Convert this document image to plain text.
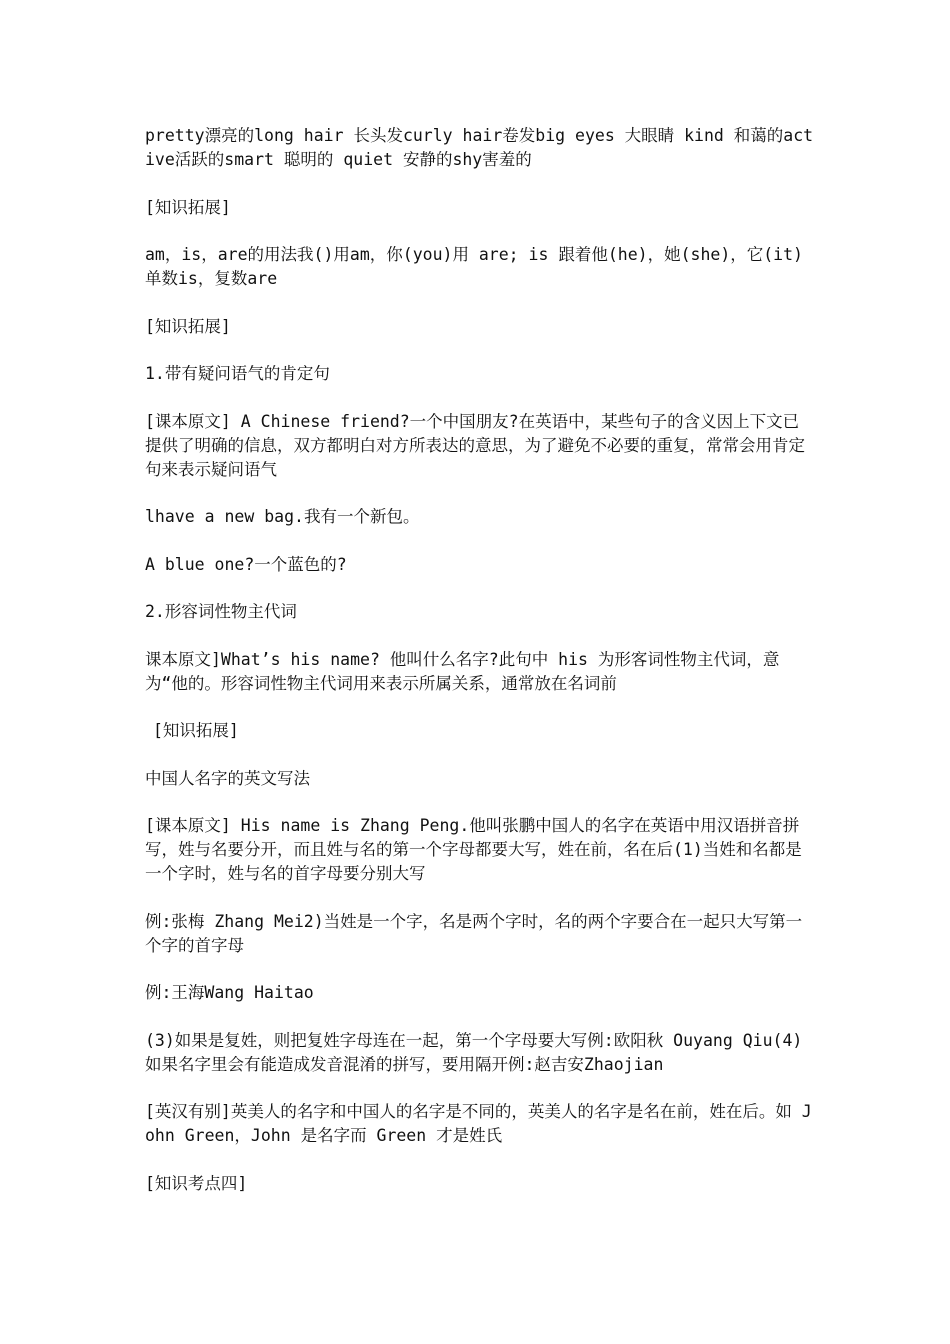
pretty漂亮的long hair 长头发curly hair卷发big eyes 大眼睛 kind 和蔼的active活跃的smart 聪明的 quiet 安静的shy害羞的

[知识拓展]

am，is，are的用法我()用am，你(you)用 are; is 跟着他(he)，她(she)，它(it)单数is，复数are

[知识拓展]

1.带有疑问语气的肯定句

[课本原文] A Chinese friend?一个中国朋友?在英语中，某些句子的含义因上下文已提供了明确的信息，双方都明白对方所表达的意思，为了避免不必要的重复，常常会用肯定句来表示疑问语气

lhave a new bag.我有一个新包。

A blue one?一个蓝色的?

2.形容词性物主代词

课本原文]What’s his name? 他叫什么名字?此句中 his 为形客词性物主代词，意为“他的。形容词性物主代词用来表示所属关系，通常放在名词前

[知识拓展]

中国人名字的英文写法

[课本原文] His name is Zhang Peng.他叫张鹏中国人的名字在英语中用汉语拼音拼写，姓与名要分开，而且姓与名的第一个字母都要大写，姓在前，名在后(1)当姓和名都是一个字时，姓与名的首字母要分别大写

例:张梅 Zhang Mei2)当姓是一个字，名是两个字时，名的两个字要合在一起只大写第一个字的首字母

例:王海Wang Haitao

(3)如果是复姓，则把复姓字母连在一起，第一个字母要大写例:欧阳秋 Ouyang Qiu(4)如果名字里会有能造成发音混淆的拼写，要用隔开例:赵吉安Zhaojian

[英汉有别]英美人的名字和中国人的名字是不同的，英美人的名字是名在前，姓在后。如 John Green，John 是名字而 Green 才是姓氏

[知识考点四]
